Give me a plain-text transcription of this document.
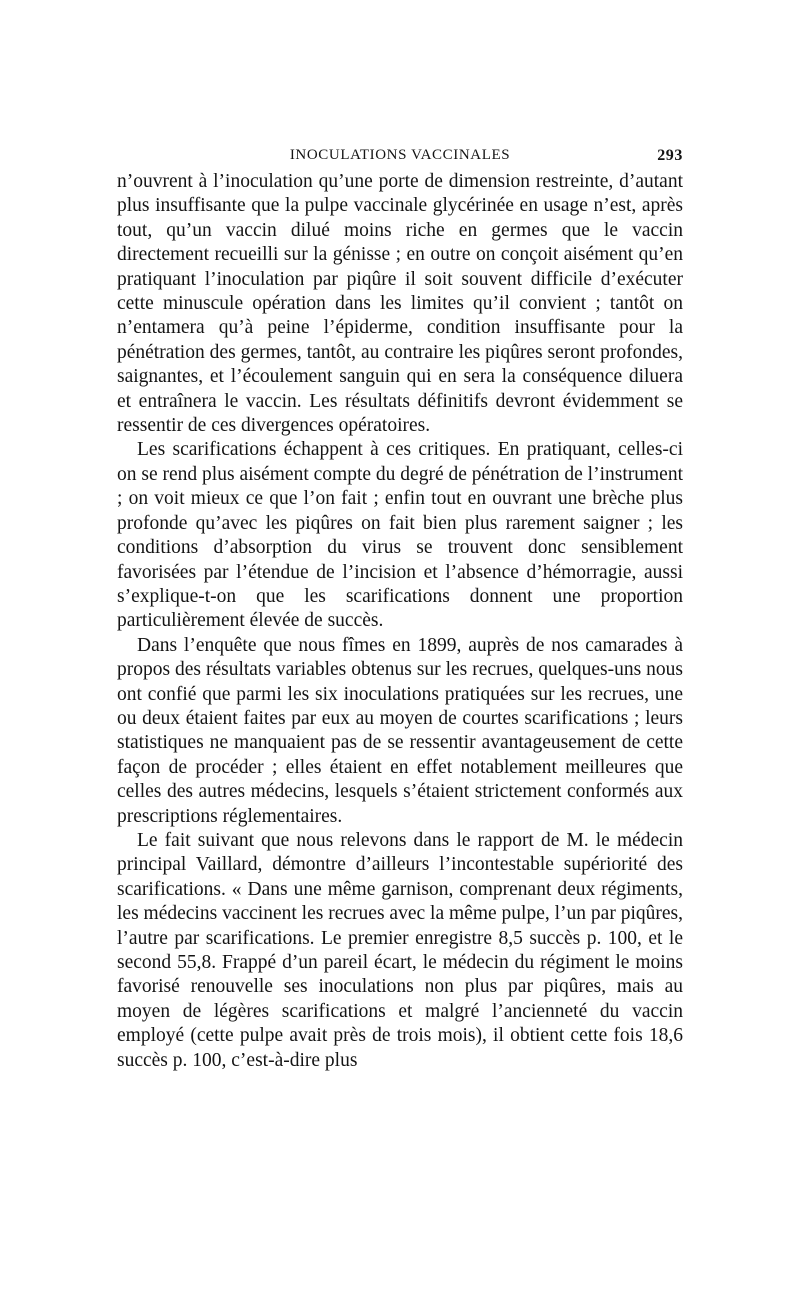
INOCULATIONS VACCINALES	293

n’ouvrent à l’inoculation qu’une porte de dimension restreinte, d’autant plus insuffisante que la pulpe vaccinale glycérinée en usage n’est, après tout, qu’un vaccin dilué moins riche en germes que le vaccin directement recueilli sur la génisse ; en outre on conçoit aisément qu’en pratiquant l’inoculation par piqûre il soit souvent difficile d’exécuter cette minuscule opération dans les limites qu’il convient ; tantôt on n’entamera qu’à peine l’épiderme, condition insuffisante pour la pénétration des germes, tantôt, au contraire les piqûres seront profondes, saignantes, et l’écoulement sanguin qui en sera la conséquence diluera et entraînera le vaccin. Les résultats définitifs devront évidemment se ressentir de ces divergences opératoires.

Les scarifications échappent à ces critiques. En pratiquant, celles-ci on se rend plus aisément compte du degré de pénétration de l’instrument ; on voit mieux ce que l’on fait ; enfin tout en ouvrant une brèche plus profonde qu’avec les piqûres on fait bien plus rarement saigner ; les conditions d’absorption du virus se trouvent donc sensiblement favorisées par l’étendue de l’incision et l’absence d’hémorragie, aussi s’explique-t-on que les scarifications donnent une proportion particulièrement élevée de succès.

Dans l’enquête que nous fîmes en 1899, auprès de nos camarades à propos des résultats variables obtenus sur les recrues, quelques-uns nous ont confié que parmi les six inoculations pratiquées sur les recrues, une ou deux étaient faites par eux au moyen de courtes scarifications ; leurs statistiques ne manquaient pas de se ressentir avantageusement de cette façon de procéder ; elles étaient en effet notablement meilleures que celles des autres médecins, lesquels s’étaient strictement conformés aux prescriptions réglementaires.

Le fait suivant que nous relevons dans le rapport de M. le médecin principal Vaillard, démontre d’ailleurs l’incontestable supériorité des scarifications. « Dans une même garnison, comprenant deux régiments, les médecins vaccinent les recrues avec la même pulpe, l’un par piqûres, l’autre par scarifications. Le premier enregistre 8,5 succès p. 100, et le second 55,8. Frappé d’un pareil écart, le médecin du régiment le moins favorisé renouvelle ses inoculations non plus par piqûres, mais au moyen de légères scarifications et malgré l’ancienneté du vaccin employé (cette pulpe avait près de trois mois), il obtient cette fois 18,6 succès p. 100, c’est-à-dire plus
